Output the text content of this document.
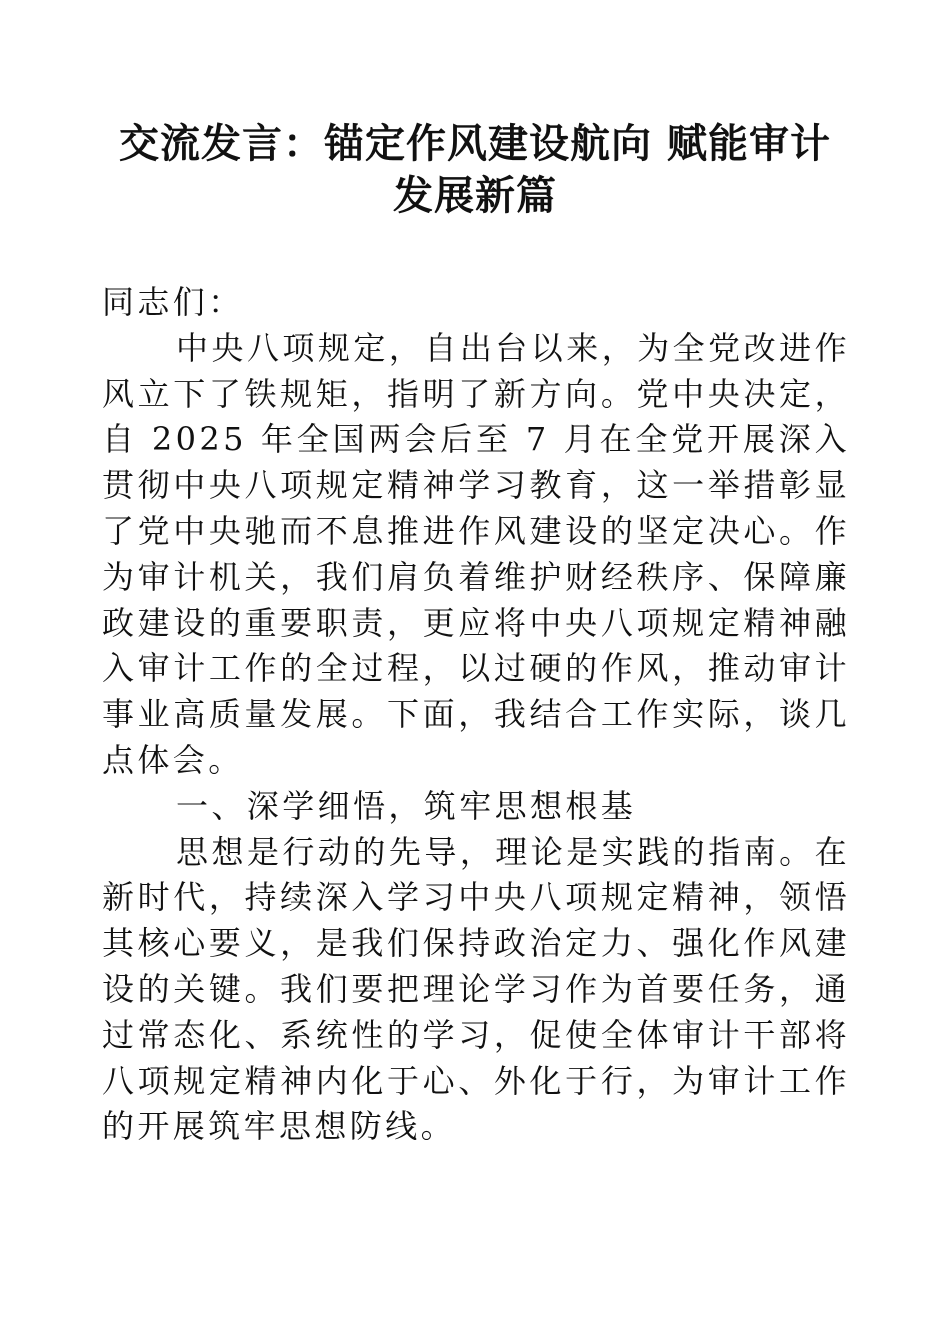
交流发言：锚定作风建设航向 赋能审计
发展新篇

同志们：

中央八项规定，自出台以来，为全党改进作风立下了铁规矩，指明了新方向。党中央决定，自 2025 年全国两会后至 7 月在全党开展深入贯彻中央八项规定精神学习教育，这一举措彰显了党中央驰而不息推进作风建设的坚定决心。作为审计机关，我们肩负着维护财经秩序、保障廉政建设的重要职责，更应将中央八项规定精神融入审计工作的全过程，以过硬的作风，推动审计事业高质量发展。下面，我结合工作实际，谈几点体会。

一、深学细悟，筑牢思想根基

思想是行动的先导，理论是实践的指南。在新时代，持续深入学习中央八项规定精神，领悟其核心要义，是我们保持政治定力、强化作风建设的关键。我们要把理论学习作为首要任务，通过常态化、系统性的学习，促使全体审计干部将八项规定精神内化于心、外化于行，为审计工作的开展筑牢思想防线。
